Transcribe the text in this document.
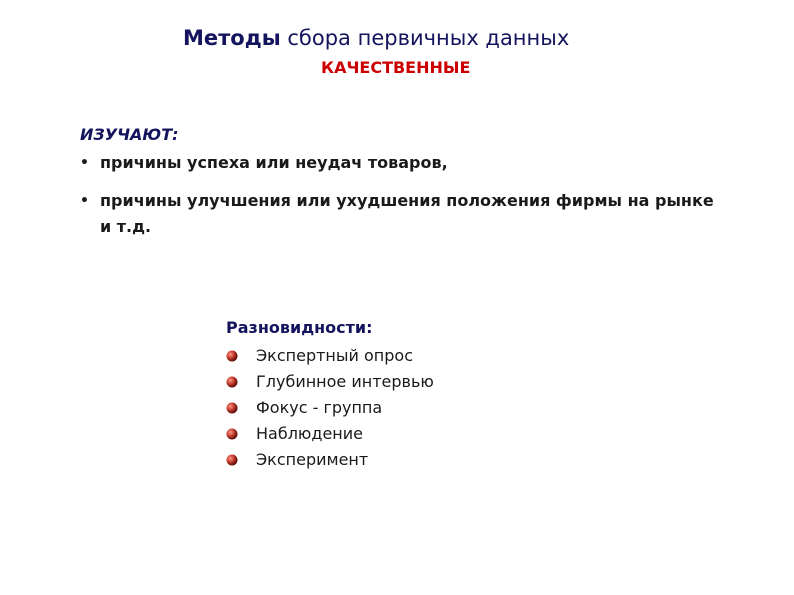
Методы сбора первичных данных
КАЧЕСТВЕННЫЕ
ИЗУЧАЮТ:
• причины успеха или неудач товаров,
• причины улучшения или ухудшения положения фирмы на рынке и т.д.
Разновидности:
Экспертный опрос
Глубинное интервью
Фокус - группа
Наблюдение
Эксперимент
